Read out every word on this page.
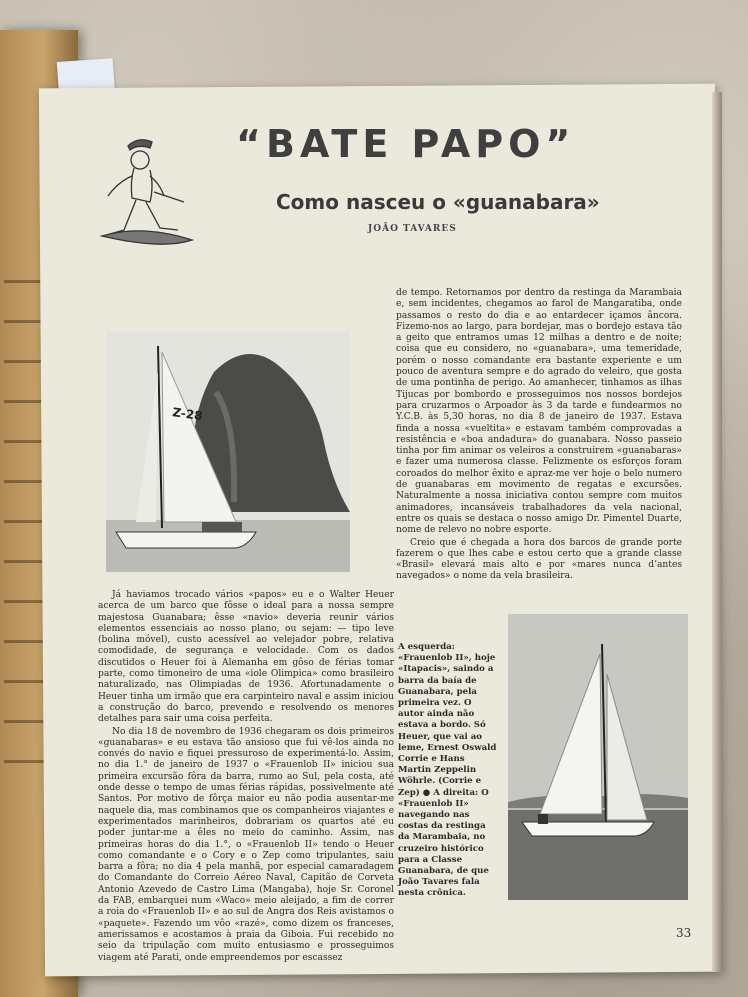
“BATE PAPO”
Como nasceu o «guanabara»
JOÃO TAVARES
Z-28

de tempo. Retornamos por dentro da restinga da Marambaia e, sem incidentes, chegamos ao farol de Mangaratiba, onde passamos o resto do dia e ao entardecer içamos âncora. Fizemo-nos ao largo, para bordejar, mas o bordejo estava tão a geito que entramos umas 12 milhas a dentro e de noite; coisa que eu considero, no «guanabara», uma temeridade, porém o nosso comandante era bastante experiente e um pouco de aventura sempre e do agrado do veleiro, que gosta de uma pontinha de perigo. Ao amanhecer, tinhamos as ilhas Tijucas por bombordo e prosseguimos nos nossos bordejos para cruzarmos o Arpoador às 3 da tarde e fundearmos no Y.C.B. às 5,30 horas, no dia 8 de janeiro de 1937. Estava finda a nossa «vueltita» e estavam também comprovadas a resistência e «boa andadura» do guanabara. Nosso passeio tinha por fim animar os veleiros a construirem «guanabaras» e fazer uma numerosa classe. Felizmente os esforços foram coroados do melhor êxito e apraz-me ver hoje o belo numero de guanabaras em movimento de regatas e excursões. Naturalmente a nossa iniciativa contou sempre com muitos animadores, incansáveis trabalhadores da vela nacional, entre os quais se destaca o nosso amigo Dr. Pimentel Duarte, nome de relevo no nobre esporte.

Creio que é chegada a hora dos barcos de grande porte fazerem o que lhes cabe e estou certo que a grande classe «Brasil» elevará mais alto e por «mares nunca d’antes navegados» o nome da vela brasileira.

Já haviamos trocado vários «papos» eu e o Walter Heuer acerca de um barco que fôsse o ideal para a nossa sempre majestosa Guanabara; êsse «navio» deveria reunir vários elementos essenciais ao nosso plano, ou sejam: — tipo leve (bolina móvel), custo acessível ao velejador pobre, relativa comodidade, de segurança e velocidade. Com os dados discutidos o Heuer foi à Alemanha em gôso de férias tomar parte, como timoneiro de uma «iole Olimpica» como brasileiro naturalizado, nas Olimpiadas de 1936. Afortunadamente o Heuer tinha um irmão que era carpinteiro naval e assim iniciou a construção do barco, prevendo e resolvendo os menores detalhes para sair uma coisa perfeita.

No dia 18 de novembro de 1936 chegaram os dois primeiros «guanabaras» e eu estava tão ansioso que fui vê-los ainda no convés do navio e fiquei pressuroso de experimentá-lo. Assim, no dia 1.° de janeiro de 1937 o «Frauenlob II» iniciou sua primeira excursão fôra da barra, rumo ao Sul, pela costa, até onde desse o tempo de umas férias rápidas, possivelmente até Santos. Por motivo de fôrça maior eu não podia ausentar-me naquele dia, mas combinamos que os companheiros viajantes e experimentados marinheiros, dobrariam os quartos até eu poder juntar-me a êles no meio do caminho. Assim, nas primeiras horas do dia 1.°, o «Frauenlob II» tendo o Heuer como comandante e o Cory e o Zep como tripulantes, saiu barra a fôra; no dia 4 pela manhã, por especial camaradagem do Comandante do Correio Aéreo Naval, Capitão de Corveta Antonio Azevedo de Castro Lima (Mangaba), hoje Sr. Coronel da FAB, embarquei num «Waco» meio aleijado, a fim de correr a roia do «Frauenlob II» e ao sul de Angra dos Reis avistamos o «paquete». Fazendo um vôo «razé», como dizem os franceses, amerissamos e acostamos à praia da Giboia. Fui recebido no seio da tripulação com muito entusiasmo e prosseguimos viagem até Parati, onde empreendemos por escassez

A esquerda: «Frauenlob II», hoje «Itapacis», saindo a barra da baía de Guanabara, pela primeira vez. O autor ainda não estava a bordo. Só Heuer, que vai ao leme, Ernest Oswald Corrie e Hans Martin Zeppelin Wöhrle. (Corrie e Zep) ● A direita: O «Frauenlob II» navegando nas costas da restinga da Marambaia, no cruzeiro histórico para a Classe Guanabara, de que João Tavares fala nesta crônica.

33
